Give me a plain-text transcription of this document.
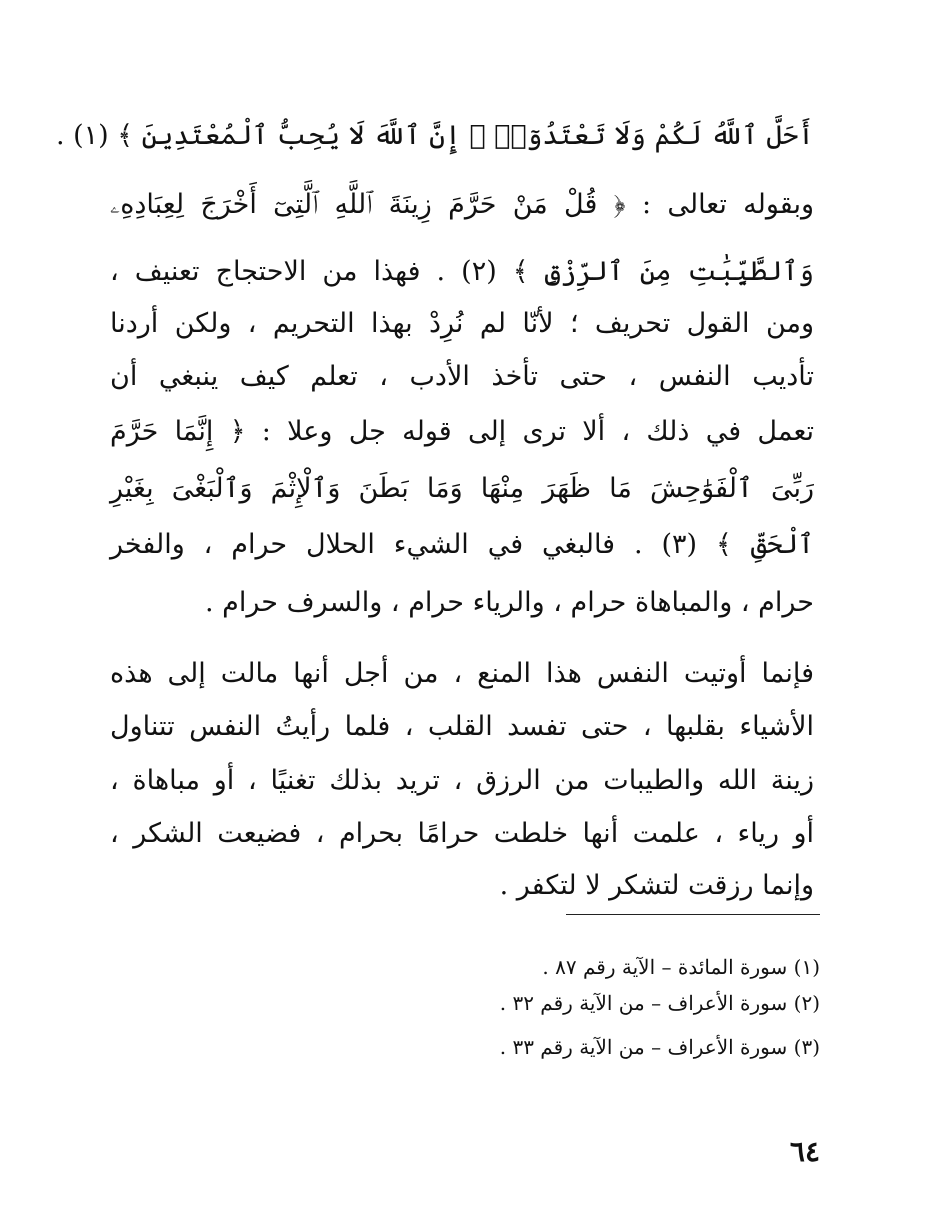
أَحَلَّ ٱللَّهُ لَكُمْ وَلَا تَعْتَدُوٓا۟ ۚ إِنَّ ٱللَّهَ لَا يُحِبُّ ٱلْمُعْتَدِينَ ﴾ (١) .
وبقوله تعالى : ﴿ قُلْ مَنْ حَرَّمَ زِينَةَ ٱللَّهِ ٱلَّتِىٓ أَخْرَجَ لِعِبَادِهِۦ
وَٱلطَّيِّبَٰتِ مِنَ ٱلرِّزْقِ ﴾ (٢) . فهذا من الاحتجاج تعنيف ،
ومن القول تحريف ؛ لأنّا لم نُرِدْ بهذا التحريم ، ولكن أردنا
تأديب النفس ، حتى تأخذ الأدب ، تعلم كيف ينبغي أن
تعمل في ذلك ، ألا ترى إلى قوله جل وعلا : ﴿ إِنَّمَا حَرَّمَ
رَبِّىَ ٱلْفَوَٰحِشَ مَا ظَهَرَ مِنْهَا وَمَا بَطَنَ وَٱلْإِثْمَ وَٱلْبَغْىَ بِغَيْرِ
ٱلْحَقِّ ﴾ (٣) . فالبغي في الشيء الحلال حرام ، والفخر
حرام ، والمباهاة حرام ، والرياء حرام ، والسرف حرام .
فإنما أوتيت النفس هذا المنع ، من أجل أنها مالت إلى هذه
الأشياء بقلبها ، حتى تفسد القلب ، فلما رأيتُ النفس تتناول
زينة الله والطيبات من الرزق ، تريد بذلك تغنيًا ، أو مباهاة ،
أو رياء ، علمت أنها خلطت حرامًا بحرام ، فضيعت الشكر ،
وإنما رزقت لتشكر لا لتكفر .
(١) سورة المائدة – الآية رقم ٨٧ .
(٢) سورة الأعراف – من الآية رقم ٣٢ .
(٣) سورة الأعراف – من الآية رقم ٣٣ .
٦٤
